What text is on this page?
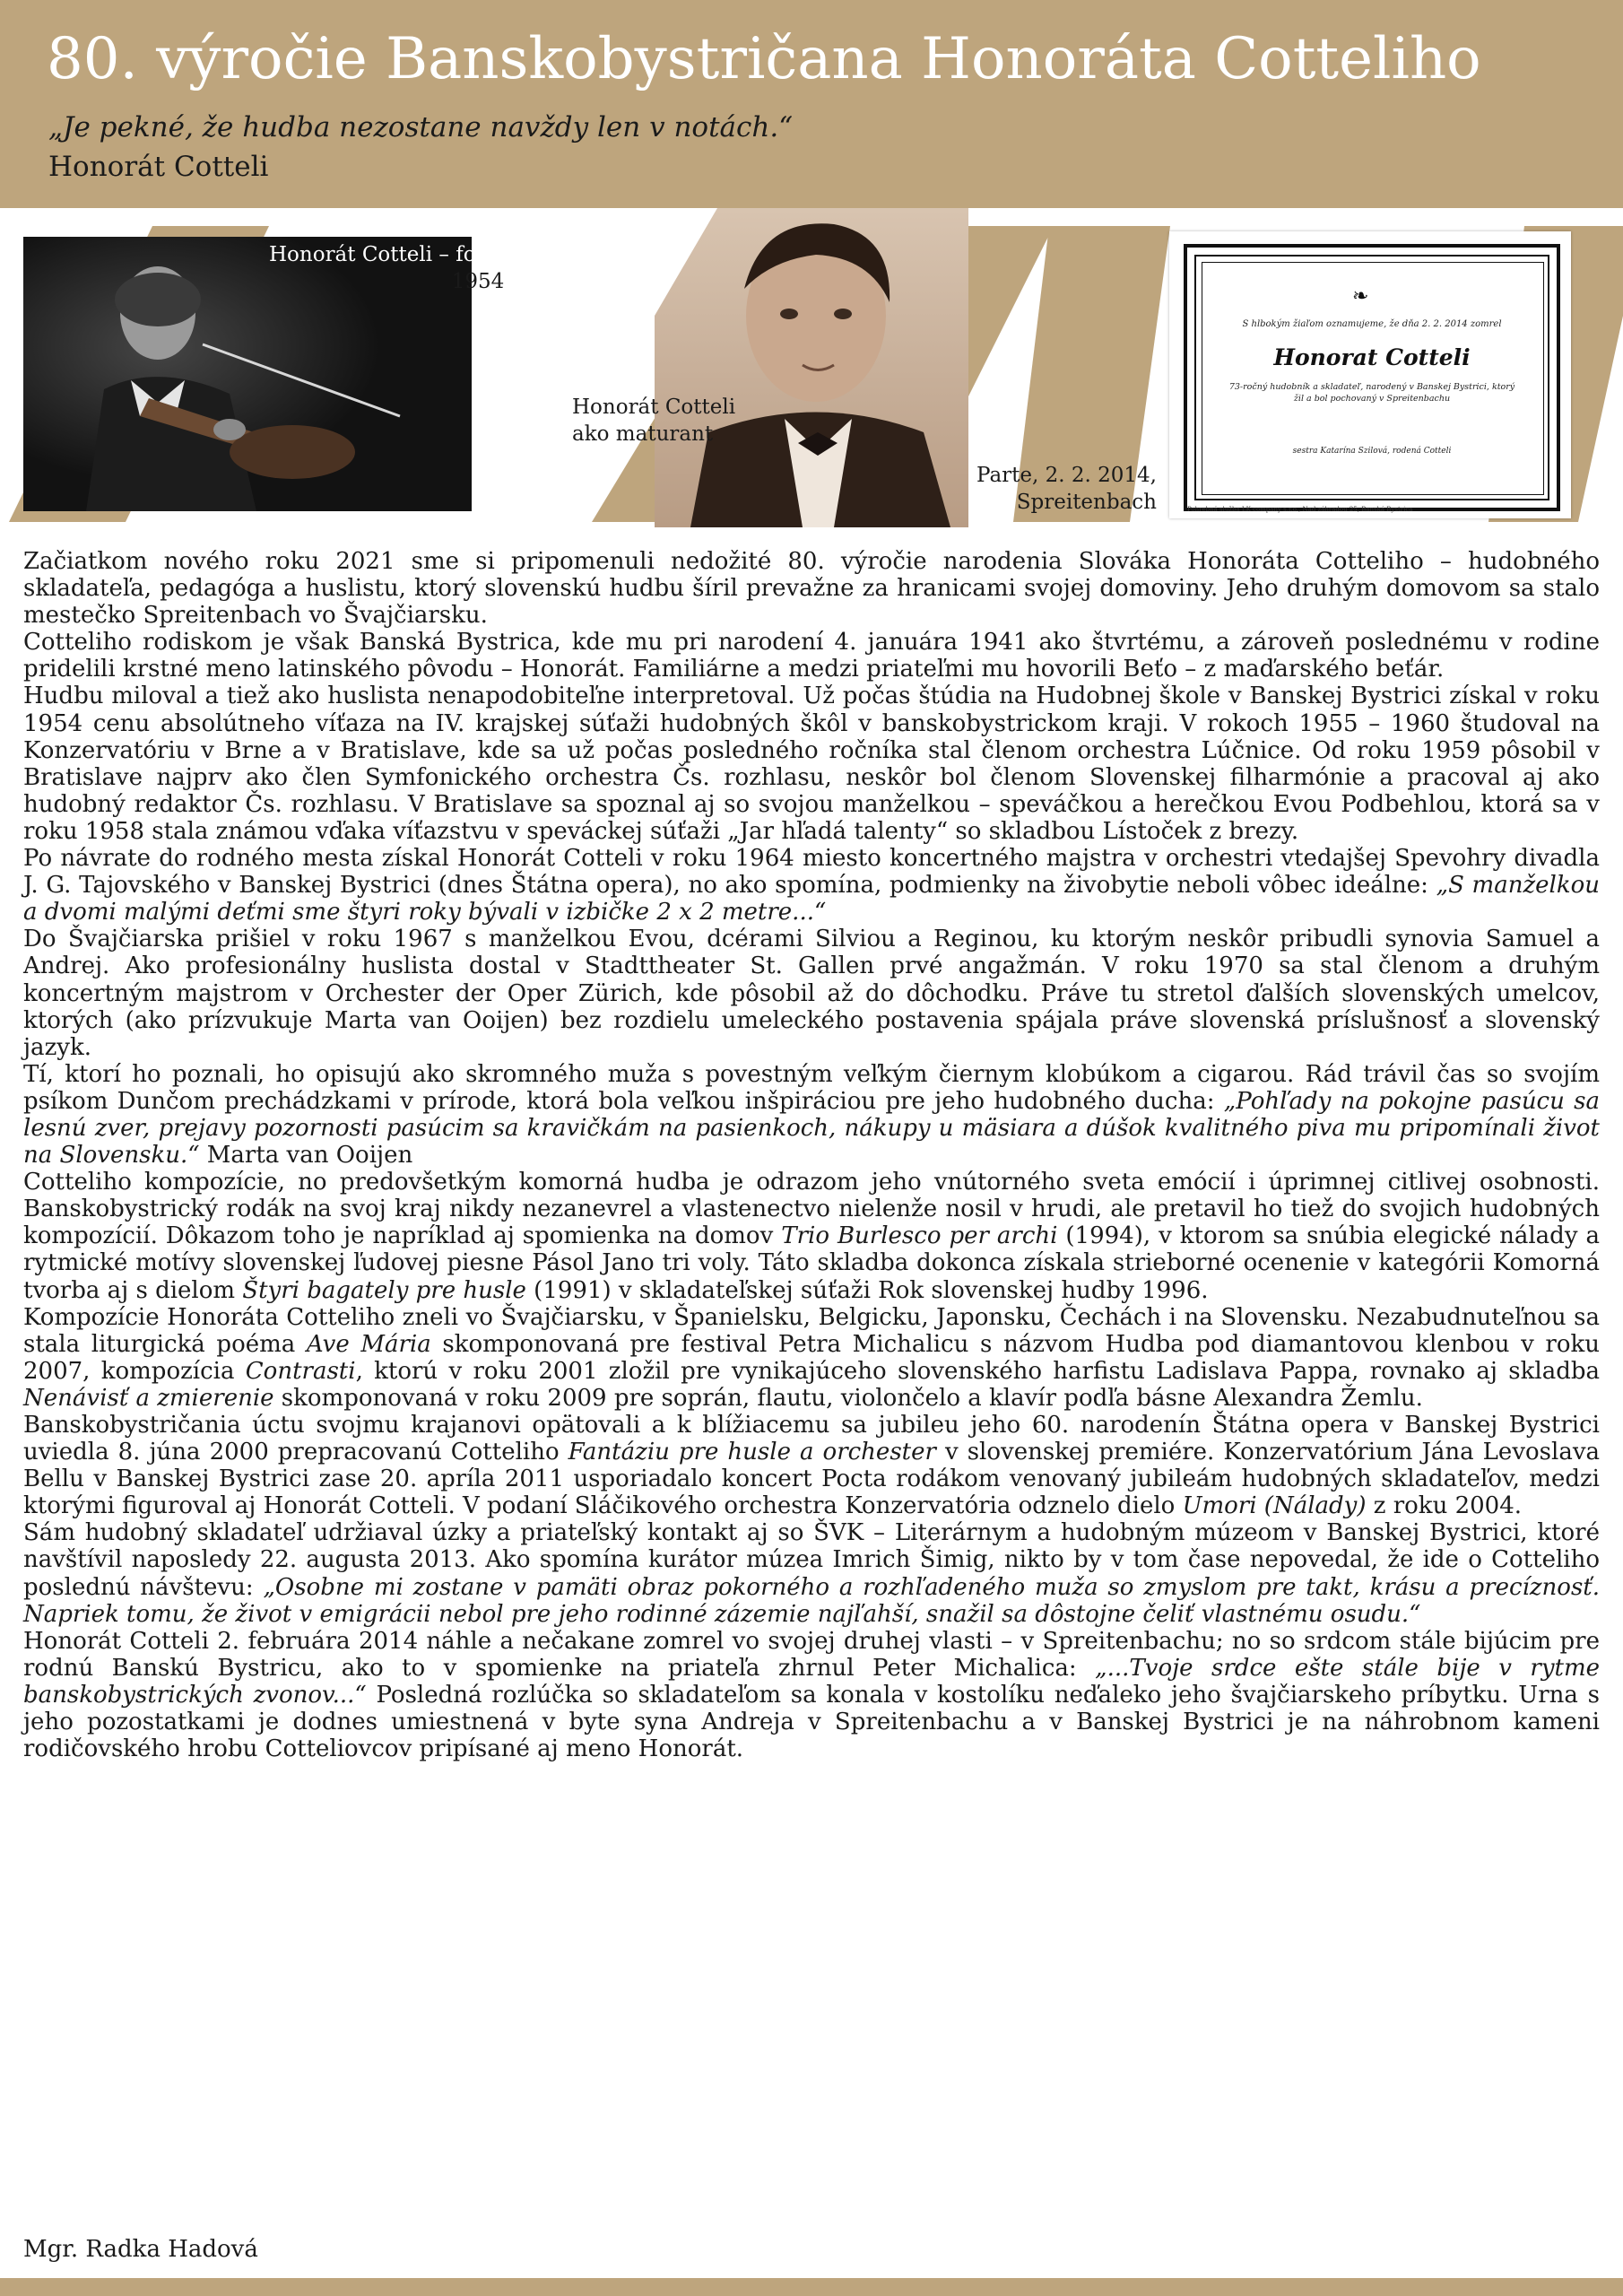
80. výročie Banskobystričana Honoráta Cotteliho
„Je pekné, že hudba nezostane navždy len v notách.“
Honorát Cotteli
❧
S hlbokým žiaľom oznamujeme, že dňa 2. 2. 2014 zomrel
Honorat Cotteli
73-ročný hudobník a skladateľ, narodený v Banskej Bystrici, ktorý žil a bol pochovaný v Spreitenbachu
sestra Katarína Szilová, rodená Cotteli
Pohrebná služba LK company s.r.o., Nad záhradou 25, Banská Bystrica
Honorát Cotteli – fotografia z koncertu,
1954
Honorát Cotteli
ako maturant
Parte, 2. 2. 2014,
Spreitenbach

Začiatkom nového roku 2021 sme si pripomenuli nedožité 80. výročie narodenia Slováka Honoráta Cotteliho – hudobného skladateľa, pedagóga a huslistu, ktorý slovenskú hudbu šíril prevažne za hranicami svojej domoviny. Jeho druhým domovom sa stalo mestečko Spreitenbach vo Švajčiarsku.

Cotteliho rodiskom je však Banská Bystrica, kde mu pri narodení 4. januára 1941 ako štvrtému, a zároveň poslednému v rodine pridelili krstné meno latinského pôvodu – Honorát. Familiárne a medzi priateľmi mu hovorili Beťo – z maďarského beťár.

Hudbu miloval a tiež ako huslista nenapodobiteľne interpretoval. Už počas štúdia na Hudobnej škole v Banskej Bystrici získal v roku 1954 cenu absolútneho víťaza na IV. krajskej súťaži hudobných škôl v banskobystrickom kraji. V rokoch 1955 – 1960 študoval na Konzervatóriu v Brne a v Bratislave, kde sa už počas posledného ročníka stal členom orchestra Lúčnice. Od roku 1959 pôsobil v Bratislave najprv ako člen Symfonického orchestra Čs. rozhlasu, neskôr bol členom Slovenskej filharmónie a pracoval aj ako hudobný redaktor Čs. rozhlasu. V Bratislave sa spoznal aj so svojou manželkou – speváčkou a herečkou Evou Podbehlou, ktorá sa v roku 1958 stala známou vďaka víťazstvu v speváckej súťaži „Jar hľadá talenty“ so skladbou Lístoček z brezy.

Po návrate do rodného mesta získal Honorát Cotteli v roku 1964 miesto koncertného majstra v orchestri vtedajšej Spevohry divadla J. G. Tajovského v Banskej Bystrici (dnes Štátna opera), no ako spomína, podmienky na živobytie neboli vôbec ideálne: „S manželkou a dvomi malými deťmi sme štyri roky bývali v izbičke 2 x 2 metre...“

Do Švajčiarska prišiel v roku 1967 s manželkou Evou, dcérami Silviou a Reginou, ku ktorým neskôr pribudli synovia Samuel a Andrej. Ako profesionálny huslista dostal v Stadttheater St. Gallen prvé angažmán. V roku 1970 sa stal členom a druhým koncertným majstrom v Orchester der Oper Zürich, kde pôsobil až do dôchodku. Práve tu stretol ďalších slovenských umelcov, ktorých (ako prízvukuje Marta van Ooijen) bez rozdielu umeleckého postavenia spájala práve slovenská príslušnosť a slovenský jazyk.

Tí, ktorí ho poznali, ho opisujú ako skromného muža s povestným veľkým čiernym klobúkom a cigarou. Rád trávil čas so svojím psíkom Dunčom prechádzkami v prírode, ktorá bola veľkou inšpiráciou pre jeho hudobného ducha: „Pohľady na pokojne pasúcu sa lesnú zver, prejavy pozornosti pasúcim sa kravičkám na pasienkoch, nákupy u mäsiara a dúšok kvalitného piva mu pripomínali život na Slovensku.“ Marta van Ooijen

Cotteliho kompozície, no predovšetkým komorná hudba je odrazom jeho vnútorného sveta emócií i úprimnej citlivej osobnosti. Banskobystrický rodák na svoj kraj nikdy nezanevrel a vlastenectvo nielenže nosil v hrudi, ale pretavil ho tiež do svojich hudobných kompozícií. Dôkazom toho je napríklad aj spomienka na domov Trio Burlesco per archi (1994), v ktorom sa snúbia elegické nálady a rytmické motívy slovenskej ľudovej piesne Pásol Jano tri voly. Táto skladba dokonca získala strieborné ocenenie v kategórii Komorná tvorba aj s dielom Štyri bagately pre husle (1991) v skladateľskej súťaži Rok slovenskej hudby 1996.

Kompozície Honoráta Cotteliho zneli vo Švajčiarsku, v Španielsku, Belgicku, Japonsku, Čechách i na Slovensku. Nezabudnuteľnou sa stala liturgická poéma Ave Mária skomponovaná pre festival Petra Michalicu s názvom Hudba pod diamantovou klenbou v roku 2007, kompozícia Contrasti, ktorú v roku 2001 zložil pre vynikajúceho slovenského harfistu Ladislava Pappa, rovnako aj skladba Nenávisť a zmierenie skomponovaná v roku 2009 pre soprán, flautu, violončelo a klavír podľa básne Alexandra Žemlu.

Banskobystričania úctu svojmu krajanovi opätovali a k blížiacemu sa jubileu jeho 60. narodenín Štátna opera v Banskej Bystrici uviedla 8. júna 2000 prepracovanú Cotteliho Fantáziu pre husle a orchester v slovenskej premiére. Konzervatórium Jána Levoslava Bellu v Banskej Bystrici zase 20. apríla 2011 usporiadalo koncert Pocta rodákom venovaný jubileám hudobných skladateľov, medzi ktorými figuroval aj Honorát Cotteli. V podaní Sláčikového orchestra Konzervatória odznelo dielo Umori (Nálady) z roku 2004.

Sám hudobný skladateľ udržiaval úzky a priateľský kontakt aj so ŠVK – Literárnym a hudobným múzeom v Banskej Bystrici, ktoré navštívil naposledy 22. augusta 2013. Ako spomína kurátor múzea Imrich Šimig, nikto by v tom čase nepovedal, že ide o Cotteliho poslednú návštevu: „Osobne mi zostane v pamäti obraz pokorného a rozhľadeného muža so zmyslom pre takt, krásu a precíznosť. Napriek tomu, že život v emigrácii nebol pre jeho rodinné zázemie najľahší, snažil sa dôstojne čeliť vlastnému osudu.“

Honorát Cotteli 2. februára 2014 náhle a nečakane zomrel vo svojej druhej vlasti – v Spreitenbachu; no so srdcom stále bijúcim pre rodnú Banskú Bystricu, ako to v spomienke na priateľa zhrnul Peter Michalica: „...Tvoje srdce ešte stále bije v rytme banskobystrických zvonov...“ Posledná rozlúčka so skladateľom sa konala v kostolíku neďaleko jeho švajčiarskeho príbytku. Urna s jeho pozostatkami je dodnes umiestnená v byte syna Andreja v Spreitenbachu a v Banskej Bystrici je na náhrobnom kameni rodičovského hrobu Cotteliovcov pripísané aj meno Honorát.

Mgr. Radka Hadová
